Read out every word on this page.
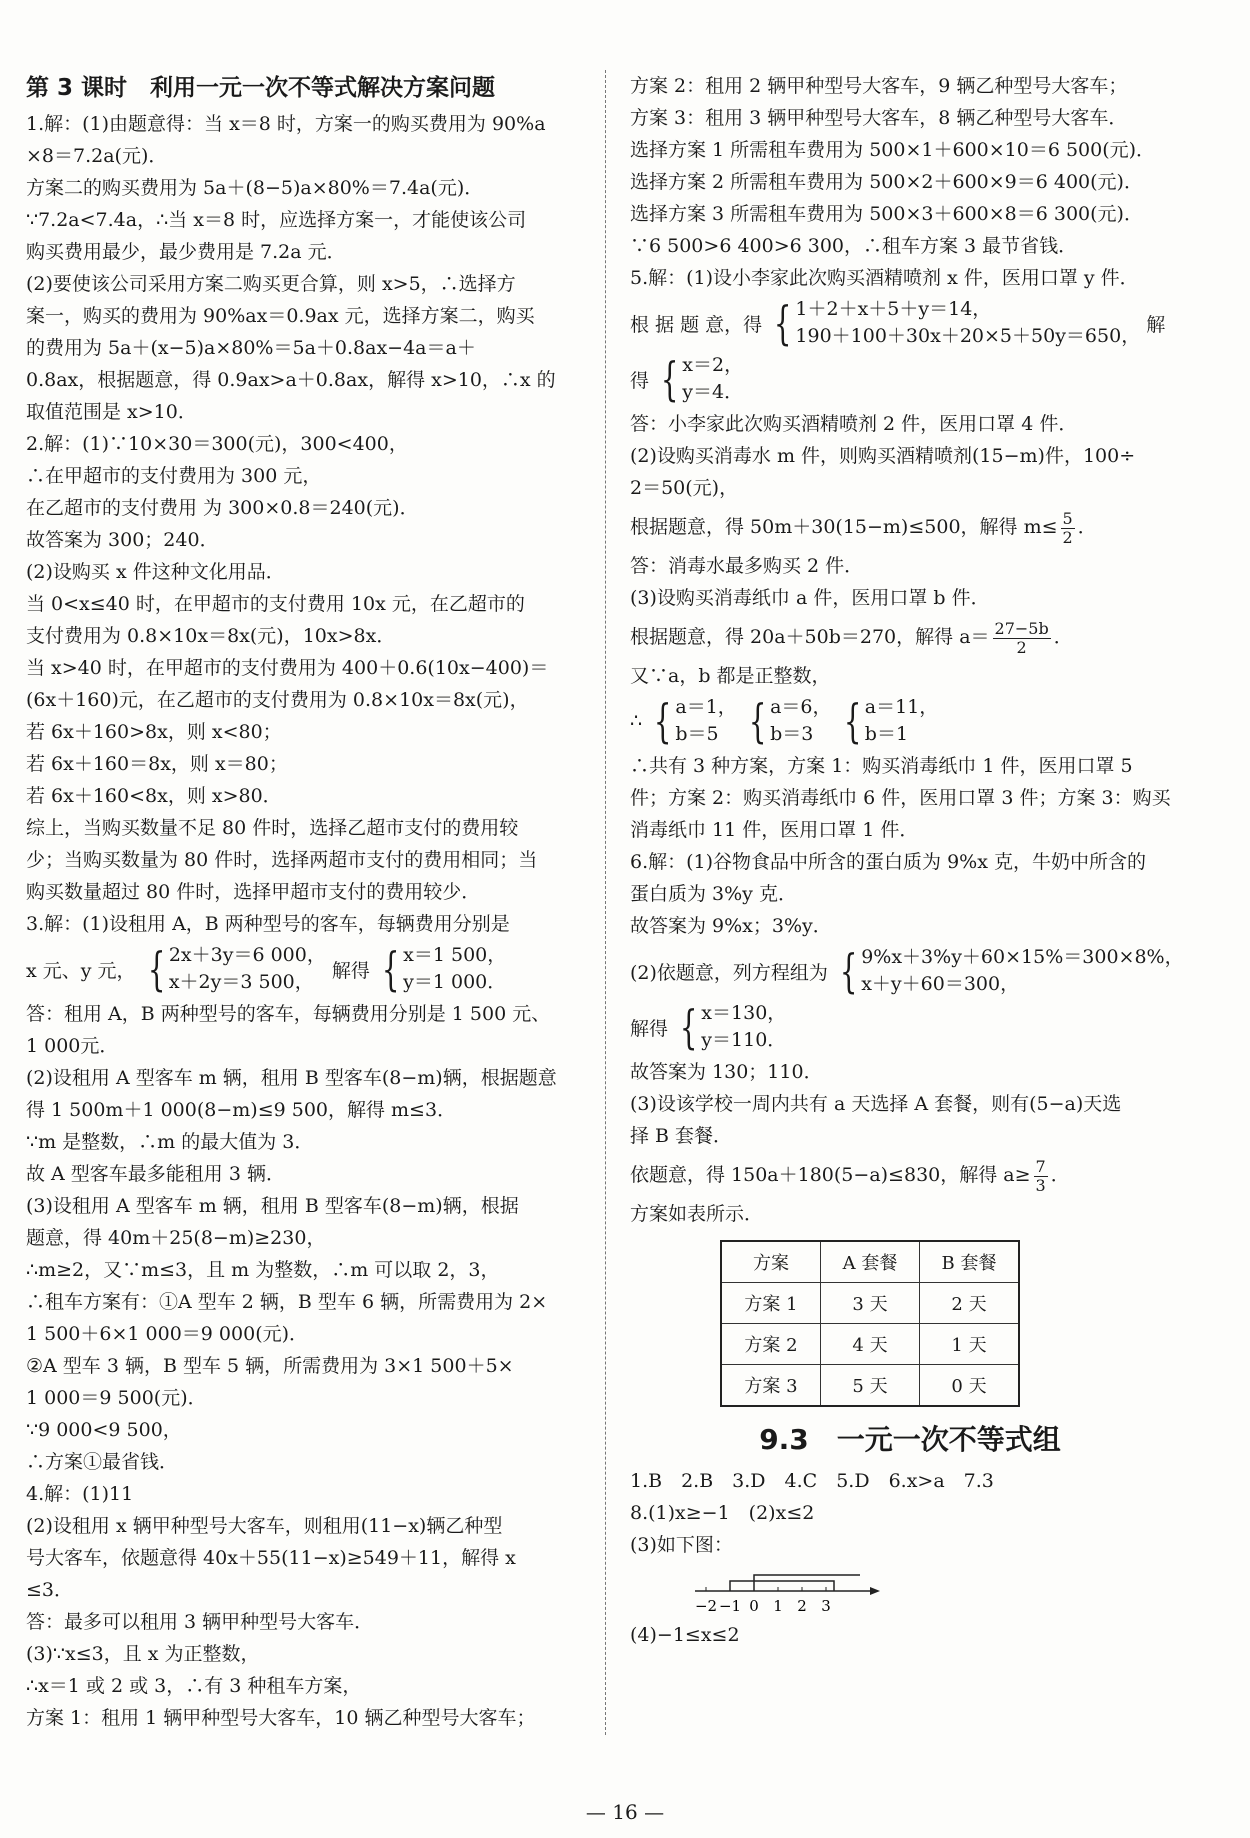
第 3 课时　利用一元一次不等式解决方案问题
1.解：(1)由题意得：当 x＝8 时，方案一的购买费用为 90%a
×8＝7.2a(元)．
方案二的购买费用为 5a＋(8−5)a×80%＝7.4a(元)．
∵7.2a<7.4a，∴当 x＝8 时，应选择方案一，才能使该公司
购买费用最少，最少费用是 7.2a 元．
(2)要使该公司采用方案二购买更合算，则 x>5，∴选择方
案一，购买的费用为 90%ax＝0.9ax 元，选择方案二，购买
的费用为 5a＋(x−5)a×80%＝5a＋0.8ax−4a＝a＋
0.8ax，根据题意，得 0.9ax>a＋0.8ax，解得 x>10，∴x 的
取值范围是 x>10．
2.解：(1)∵10×30＝300(元)，300<400，
∴在甲超市的支付费用为 300 元，
在乙超市的支付费用 为 300×0.8＝240(元)．
故答案为 300；240．
(2)设购买 x 件这种文化用品．
当 0<x≤40 时，在甲超市的支付费用 10x 元，在乙超市的
支付费用为 0.8×10x＝8x(元)，10x>8x．
当 x>40 时，在甲超市的支付费用为 400＋0.6(10x−400)＝
(6x＋160)元，在乙超市的支付费用为 0.8×10x＝8x(元)，
若 6x＋160>8x，则 x<80；
若 6x＋160＝8x，则 x＝80；
若 6x＋160<8x，则 x>80．
综上，当购买数量不足 80 件时，选择乙超市支付的费用较
少；当购买数量为 80 件时，选择两超市支付的费用相同；当
购买数量超过 80 件时，选择甲超市支付的费用较少．
3.解：(1)设租用 A，B 两种型号的客车，每辆费用分别是
x 元、y 元， { 2x＋3y＝6 000，
x＋2y＝3 500，
解得 { x＝1 500，
y＝1 000．
答：租用 A，B 两种型号的客车，每辆费用分别是 1 500 元、
1 000元．
(2)设租用 A 型客车 m 辆，租用 B 型客车(8−m)辆，根据题意
得 1 500m＋1 000(8−m)≤9 500，解得 m≤3．
∵m 是整数，∴m 的最大值为 3．
故 A 型客车最多能租用 3 辆．
(3)设租用 A 型客车 m 辆，租用 B 型客车(8−m)辆，根据
题意，得 40m＋25(8−m)≥230，
∴m≥2，又∵m≤3，且 m 为整数，∴m 可以取 2，3，
∴租车方案有：①A 型车 2 辆，B 型车 6 辆，所需费用为 2×
1 500＋6×1 000＝9 000(元)．
②A 型车 3 辆，B 型车 5 辆，所需费用为 3×1 500＋5×
1 000＝9 500(元)．
∵9 000<9 500，
∴方案①最省钱．
4.解：(1)11
(2)设租用 x 辆甲种型号大客车，则租用(11−x)辆乙种型
号大客车，依题意得 40x＋55(11−x)≥549＋11，解得 x
≤3．
答：最多可以租用 3 辆甲种型号大客车．
(3)∵x≤3，且 x 为正整数，
∴x＝1 或 2 或 3，∴有 3 种租车方案，
方案 1：租用 1 辆甲种型号大客车，10 辆乙种型号大客车；
方案 2：租用 2 辆甲种型号大客车，9 辆乙种型号大客车；
方案 3：租用 3 辆甲种型号大客车，8 辆乙种型号大客车．
选择方案 1 所需租车费用为 500×1＋600×10＝6 500(元)．
选择方案 2 所需租车费用为 500×2＋600×9＝6 400(元)．
选择方案 3 所需租车费用为 500×3＋600×8＝6 300(元)．
∵6 500>6 400>6 300，∴租车方案 3 最节省钱．
5.解：(1)设小李家此次购买酒精喷剂 x 件，医用口罩 y 件．
根 据 题 意，得 { 1＋2＋x＋5＋y＝14，
190＋100＋30x＋20×5＋50y＝650，
解
得 { x＝2，
y＝4．
答：小李家此次购买酒精喷剂 2 件，医用口罩 4 件．
(2)设购买消毒水 m 件，则购买酒精喷剂(15−m)件，100÷
2＝50(元)，
根据题意，得 50m＋30(15−m)≤500，解得 $m\le \frac{5}{2}$ ．
答：消毒水最多购买 2 件．
(3)设购买消毒纸巾 a 件，医用口罩 b 件．
根据题意，得 20a＋50b＝270，解得 $a= \frac{27-5b}{2}$ ．
又∵a，b 都是正整数，
∴ { a＝1，
b＝5 { a＝6，
b＝3 { a＝11，
b＝1
∴共有 3 种方案，方案 1：购买消毒纸巾 1 件，医用口罩 5
件；方案 2：购买消毒纸巾 6 件，医用口罩 3 件；方案 3：购买
消毒纸巾 11 件，医用口罩 1 件．
6.解：(1)谷物食品中所含的蛋白质为 9%x 克，牛奶中所含的
蛋白质为 3%y 克．
故答案为 9%x；3%y．
(2)依题意，列方程组为 { 9%x＋3%y＋60×15%＝300×8%，
x＋y＋60＝300，
解得 { x＝130，
y＝110．
故答案为 130；110．
(3)设该学校一周内共有 a 天选择 A 套餐，则有(5−a)天选
择 B 套餐．
依题意，得 150a＋180(5−a)≤830，解得 $a\ge \frac{7}{3}$ ．
方案如表所示．
方案	A 套餐	B 套餐
方案 1	3 天	2 天
方案 2	4 天	1 天
方案 3	5 天	0 天
9.3　一元一次不等式组
1.B　2.B　3.D　4.C　5.D　6.x>a　7.3
8.(1)x≥−1　(2)x≤2
(3)如下图：
−2 −1 0 1 2 3
(4)−1≤x≤2
— 16 —
